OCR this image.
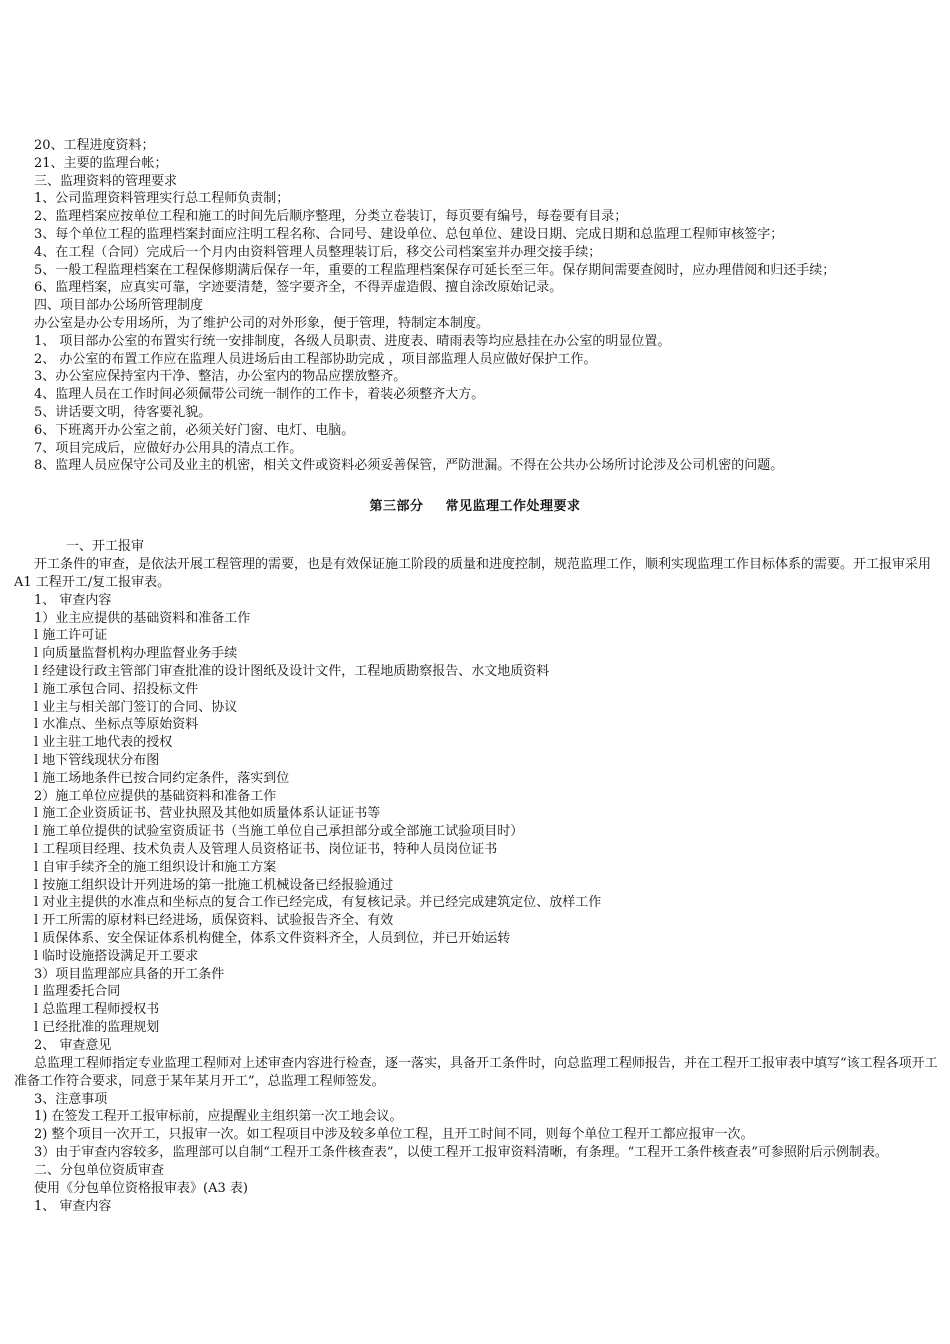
20、工程进度资料；
21、主要的监理台帐；
三、监理资料的管理要求
1、公司监理资料管理实行总工程师负责制；
2、监理档案应按单位工程和施工的时间先后顺序整理，分类立卷装订，每页要有编号，每卷要有目录；
3、每个单位工程的监理档案封面应注明工程名称、合同号、建设单位、总包单位、建设日期、完成日期和总监理工程师审核签字；
4、在工程（合同）完成后一个月内由资料管理人员整理装订后，移交公司档案室并办理交接手续；
5、一般工程监理档案在工程保修期满后保存一年，重要的工程监理档案保存可延长至三年。保存期间需要查阅时，应办理借阅和归还手续；
6、监理档案，应真实可靠，字迹要清楚，签字要齐全，不得弄虚造假、擅自涂改原始记录。
四、项目部办公场所管理制度
办公室是办公专用场所，为了维护公司的对外形象，便于管理，特制定本制度。
1、 项目部办公室的布置实行统一安排制度，各级人员职责、进度表、晴雨表等均应悬挂在办公室的明显位置。
2、 办公室的布置工作应在监理人员进场后由工程部协助完成 ，项目部监理人员应做好保护工作。
3、办公室应保持室内干净、整洁，办公室内的物品应摆放整齐。
4、监理人员在工作时间必须佩带公司统一制作的工作卡，着装必须整齐大方。
5、讲话要文明，待客要礼貌。
6、下班离开办公室之前，必须关好门窗、电灯、电脑。
7、项目完成后，应做好办公用具的清点工作。
8、监理人员应保守公司及业主的机密，相关文件或资料必须妥善保管，严防泄漏。不得在公共办公场所讨论涉及公司机密的问题。
第三部分 常见监理工作处理要求
一、开工报审

开工条件的审查，是依法开展工程管理的需要，也是有效保证施工阶段的质量和进度控制，规范监理工作，顺利实现监理工作目标体系的需要。开工报审采用 A1 工程开工/复工报审表。

1、 审查内容
1）业主应提供的基础资料和准备工作
l 施工许可证
l 向质量监督机构办理监督业务手续
l 经建设行政主管部门审查批准的设计图纸及设计文件，工程地质勘察报告、水文地质资料
l 施工承包合同、招投标文件
l 业主与相关部门签订的合同、协议
l 水准点、坐标点等原始资料
l 业主驻工地代表的授权
l 地下管线现状分布图
l 施工场地条件已按合同约定条件，落实到位
2）施工单位应提供的基础资料和准备工作
l 施工企业资质证书、营业执照及其他如质量体系认证证书等
l 施工单位提供的试验室资质证书（当施工单位自己承担部分或全部施工试验项目时）
l 工程项目经理、技术负责人及管理人员资格证书、岗位证书，特种人员岗位证书
l 自审手续齐全的施工组织设计和施工方案
l 按施工组织设计开列进场的第一批施工机械设备已经报验通过
l 对业主提供的水准点和坐标点的复合工作已经完成，有复核记录。并已经完成建筑定位、放样工作
l 开工所需的原材料已经进场，质保资料、试验报告齐全、有效
l 质保体系、安全保证体系机构健全，体系文件资料齐全，人员到位，并已开始运转
l 临时设施搭设满足开工要求
3）项目监理部应具备的开工条件
l 监理委托合同
l 总监理工程师授权书
l 已经批准的监理规划
2、 审查意见

总监理工程师指定专业监理工程师对上述审查内容进行检查，逐一落实，具备开工条件时，向总监理工程师报告，并在工程开工报审表中填写“该工程各项开工准备工作符合要求，同意于某年某月开工”，总监理工程师签发。

3、注意事项
1) 在签发工程开工报审标前，应提醒业主组织第一次工地会议。
2) 整个项目一次开工，只报审一次。如工程项目中涉及较多单位工程，且开工时间不同，则每个单位工程开工都应报审一次。

3）由于审查内容较多，监理部可以自制“工程开工条件核查表”，以使工程开工报审资料清晰，有条理。“工程开工条件核查表”可参照附后示例制表。

二、分包单位资质审查
使用《分包单位资格报审表》(A3 表)
1、 审查内容
